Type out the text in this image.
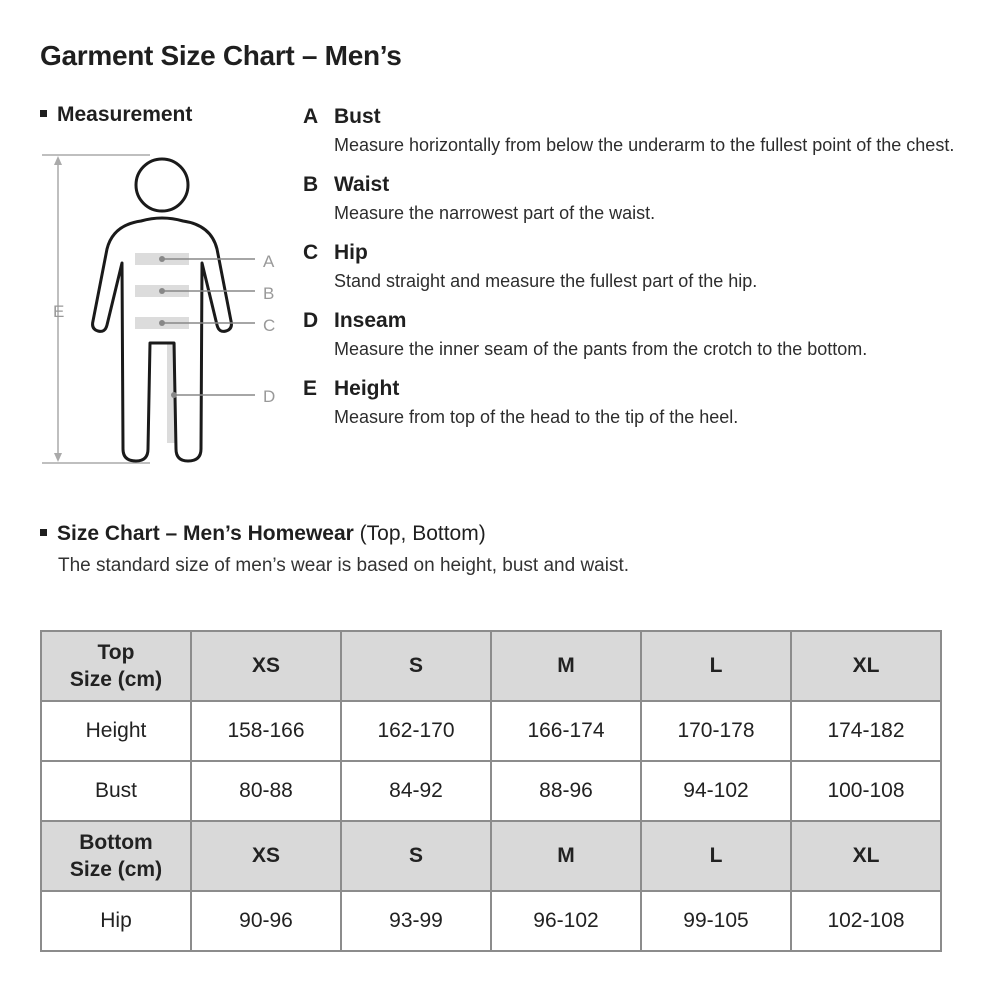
Garment Size Chart – Men’s
Measurement
A
B
C
D
E
A Bust
Measure horizontally from below the underarm to the fullest point of the chest.
B Waist
Measure the narrowest part of the waist.
C Hip
Stand straight and measure the fullest part of the hip.
D Inseam
Measure the inner seam of the pants from the crotch to the bottom.
E Height
Measure from top of the head to the tip of the heel.
Size Chart – Men’s Homewear (Top, Bottom)
The standard size of men’s wear is based on height, bust and waist.
Top
Size (cm)	XS	S	M	L	XL
Height	158-166	162-170	166-174	170-178	174-182
Bust	80-88	84-92	88-96	94-102	100-108
Bottom
Size (cm)	XS	S	M	L	XL
Hip	90-96	93-99	96-102	99-105	102-108
